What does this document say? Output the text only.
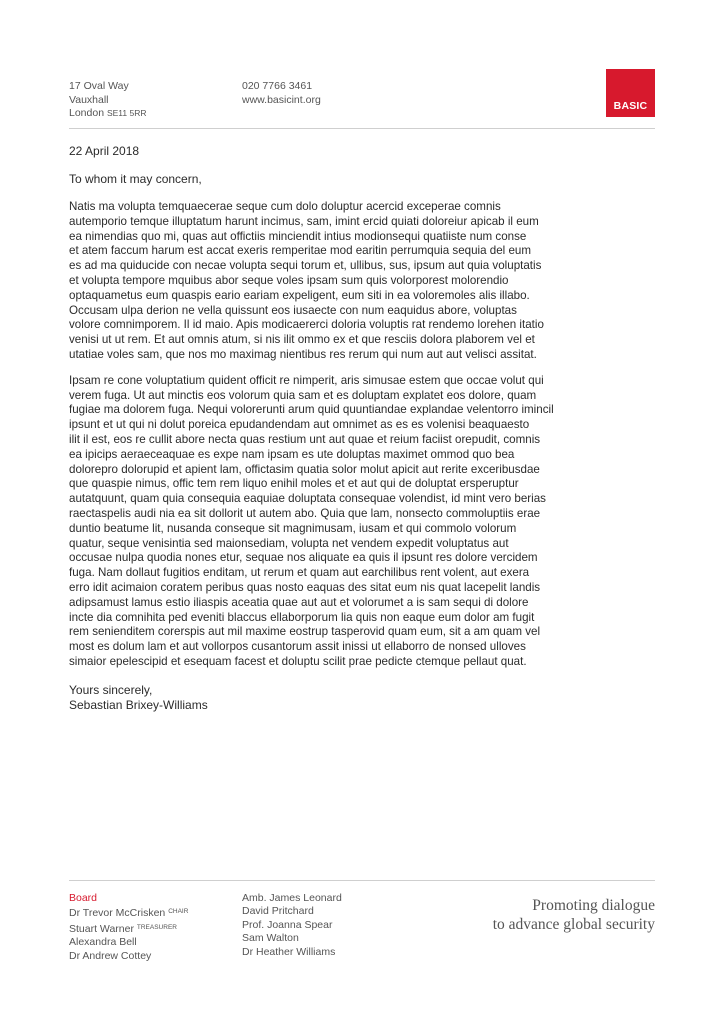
17 Oval Way
Vauxhall
London SE11 5RR
020 7766 3461
www.basicint.org
BASIC
22 April 2018
To whom it may concern,

Natis ma volupta temquaecerae seque cum dolo doluptur acercid exceperae comnis
autemporio temque illuptatum harunt incimus, sam, imint ercid quiati doloreiur apicab il eum
ea nimendias quo mi, quas aut offictiis minciendit intius modionsequi quatiiste num conse
et atem faccum harum est accat exeris remperitae mod earitin perrumquia sequia del eum
es ad ma quiducide con necae volupta sequi torum et, ullibus, sus, ipsum aut quia voluptatis
et volupta tempore mquibus abor seque voles ipsam sum quis volorporest molorendio
optaquametus eum quaspis eario eariam expeligent, eum siti in ea voloremoles alis illabo.
Occusam ulpa derion ne vella quissunt eos iusaecte con num eaquidus abore, voluptas
volore comnimporem. Il id maio. Apis modicaererci doloria voluptis rat rendemo lorehen itatio
venisi ut ut rem. Et aut omnis atum, si nis ilit ommo ex et que resciis dolora plaborem vel et
utatiae voles sam, que nos mo maximag nientibus res rerum qui num aut aut velisci assitat.

Ipsam re cone voluptatium quident officit re nimperit, aris simusae estem que occae volut qui
verem fuga. Ut aut minctis eos volorum quia sam et es doluptam explatet eos dolore, quam
fugiae ma dolorem fuga. Nequi volorerunti arum quid quuntiandae explandae velentorro imincil
ipsunt et ut qui ni dolut poreica epudandendam aut omnimet as es es volenisi beaquaesto
ilit il est, eos re cullit abore necta quas restium unt aut quae et reium faciist orepudit, comnis
ea ipicips aeraeceaquae es expe nam ipsam es ute doluptas maximet ommod quo bea
dolorepro dolorupid et apient lam, offictasim quatia solor molut apicit aut rerite exceribusdae
que quaspie nimus, offic tem rem liquo enihil moles et et aut qui de doluptat ersperuptur
autatquunt, quam quia consequia eaquiae doluptata consequae volendist, id mint vero berias
raectaspelis audi nia ea sit dollorit ut autem abo. Quia que lam, nonsecto commoluptiis erae
duntio beatume lit, nusanda conseque sit magnimusam, iusam et qui commolo volorum
quatur, seque venisintia sed maionsediam, volupta net vendem expedit voluptatus aut
occusae nulpa quodia nones etur, sequae nos aliquate ea quis il ipsunt res dolore vercidem
fuga. Nam dollaut fugitios enditam, ut rerum et quam aut earchilibus rent volent, aut exera
erro idit acimaion coratem peribus quas nosto eaquas des sitat eum nis quat lacepelit landis
adipsamust lamus estio iliaspis aceatia quae aut aut et volorumet a is sam sequi di dolore
incte dia comnihita ped eveniti blaccus ellaborporum lia quis non eaque eum dolor am fugit
rem senienditem corerspis aut mil maxime eostrup tasperovid quam eum, sit a am quam vel
most es dolum lam et aut vollorpos cusantorum assit inissi ut ellaborro de nonsed ulloves
simaior epelescipid et esequam facest et doluptu scilit prae pedicte ctemque pellaut quat.

Yours sincerely,
Sebastian Brixey-Williams
Board
Dr Trevor McCrisken $^{CHAIR}$
Stuart Warner $^{TREASURER}$
Alexandra Bell
Dr Andrew Cottey
Amb. James Leonard
David Pritchard
Prof. Joanna Spear
Sam Walton
Dr Heather Williams
Promoting dialogue
to advance global security
